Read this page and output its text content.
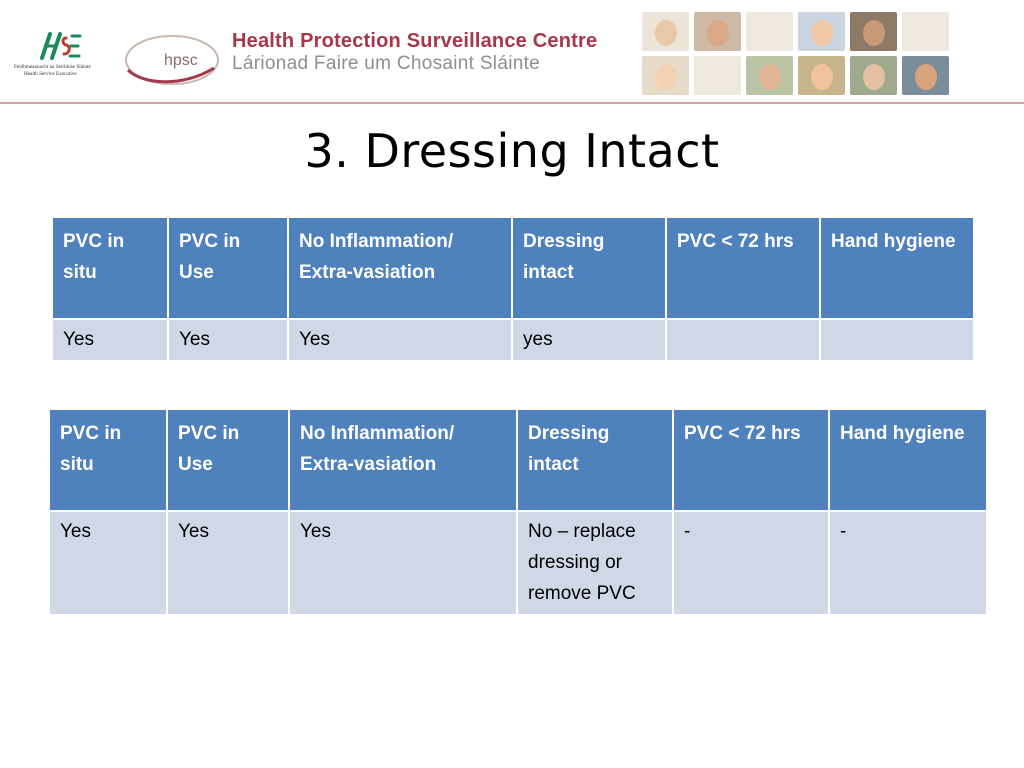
Feidhmeannacht na Seirbhíse Sláinte
Health Service Executive
hpsc
Health Protection Surveillance Centre
Lárionad Faire um Chosaint Sláinte
3. Dressing Intact
PVC in situ	PVC in Use	No Inflammation/ Extra-vasiation	Dressing intact	PVC < 72 hrs	Hand hygiene
Yes	Yes	Yes	yes		
PVC in situ	PVC in Use	No Inflammation/ Extra-vasiation	Dressing intact	PVC < 72 hrs	Hand hygiene
Yes	Yes	Yes	No – replace dressing or remove PVC	-	-
